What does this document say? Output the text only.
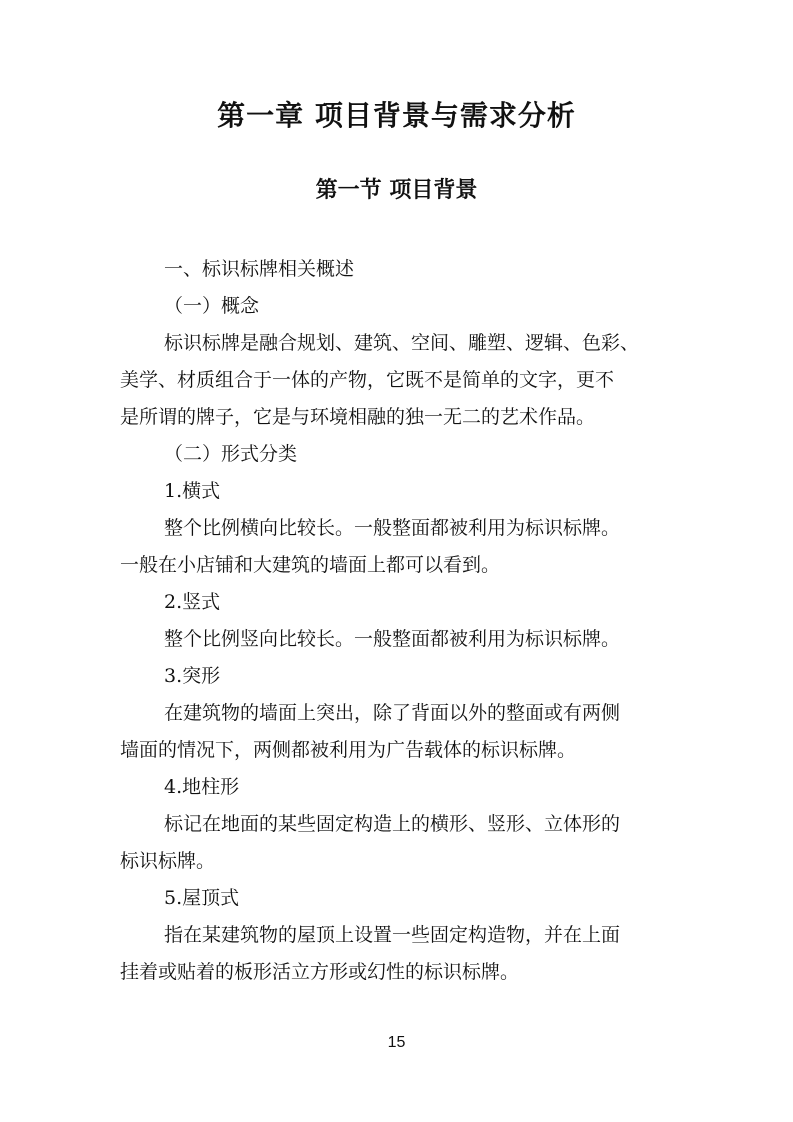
第一章 项目背景与需求分析
第一节 项目背景
一、标识标牌相关概述
（一）概念
标识标牌是融合规划、建筑、空间、雕塑、逻辑、色彩、
美学、材质组合于一体的产物，它既不是简单的文字，更不
是所谓的牌子，它是与环境相融的独一无二的艺术作品。
（二）形式分类
1.横式
整个比例横向比较长。一般整面都被利用为标识标牌。
一般在小店铺和大建筑的墙面上都可以看到。
2.竖式
整个比例竖向比较长。一般整面都被利用为标识标牌。
3.突形
在建筑物的墙面上突出，除了背面以外的整面或有两侧
墙面的情况下，两侧都被利用为广告载体的标识标牌。
4.地柱形
标记在地面的某些固定构造上的横形、竖形、立体形的
标识标牌。
5.屋顶式
指在某建筑物的屋顶上设置一些固定构造物，并在上面
挂着或贴着的板形活立方形或幻性的标识标牌。
15
